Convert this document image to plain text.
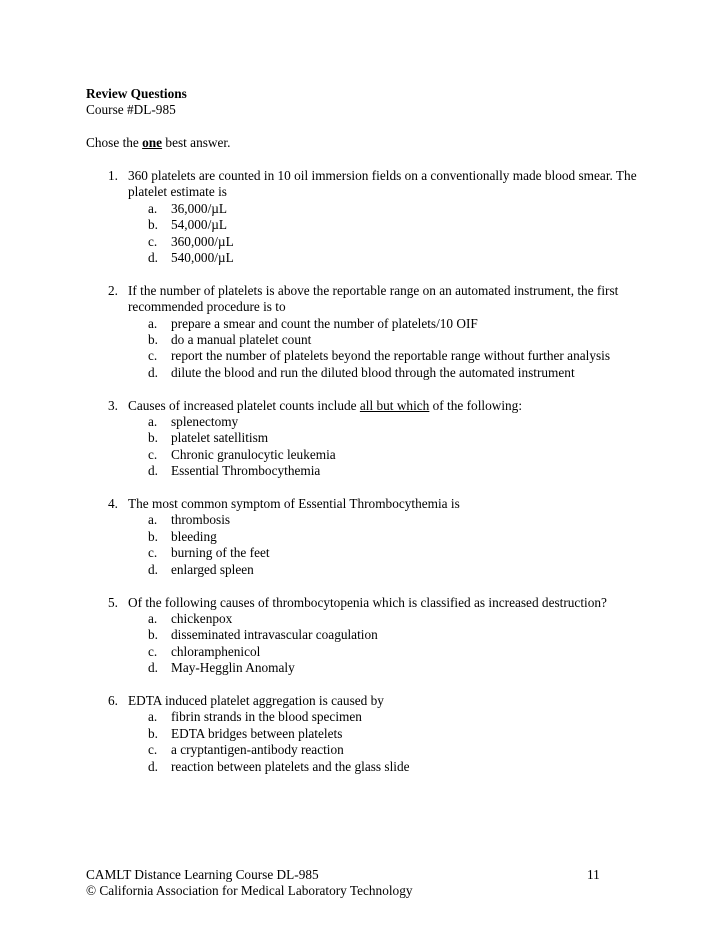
Review Questions
Course #DL-985
Chose the one best answer.
1. 360 platelets are counted in 10 oil immersion fields on a conventionally made blood smear. The platelet estimate is
a. 36,000/µL
b. 54,000/µL
c. 360,000/µL
d. 540,000/µL
2. If the number of platelets is above the reportable range on an automated instrument, the first recommended procedure is to
a. prepare a smear and count the number of platelets/10 OIF
b. do a manual platelet count
c. report the number of platelets beyond the reportable range without further analysis
d. dilute the blood and run the diluted blood through the automated instrument
3. Causes of increased platelet counts include all but which of the following:
a. splenectomy
b. platelet satellitism
c. Chronic granulocytic leukemia
d. Essential Thrombocythemia
4. The most common symptom of Essential Thrombocythemia is
a. thrombosis
b. bleeding
c. burning of the feet
d. enlarged spleen
5. Of the following causes of thrombocytopenia which is classified as increased destruction?
a. chickenpox
b. disseminated intravascular coagulation
c. chloramphenicol
d. May-Hegglin Anomaly
6. EDTA induced platelet aggregation is caused by
a. fibrin strands in the blood specimen
b. EDTA bridges between platelets
c. a cryptantigen-antibody reaction
d. reaction between platelets and the glass slide
CAMLT Distance Learning Course DL-985	11
© California Association for Medical Laboratory Technology
